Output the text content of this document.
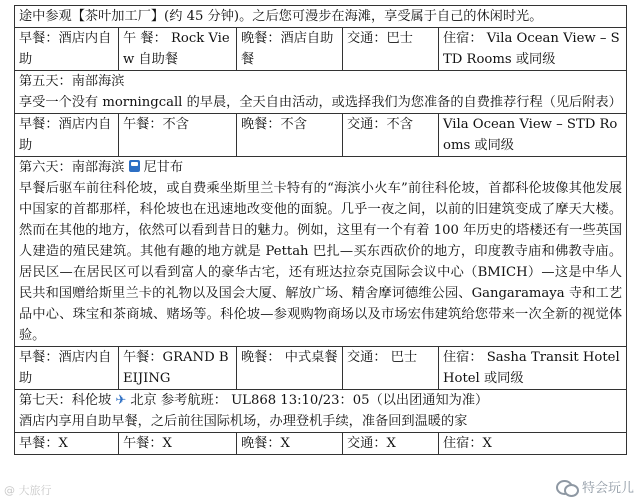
途中参观【茶叶加工厂】(约 45 分钟)。之后您可漫步在海滩，享受属于自己的休闲时光。				
早餐：酒店内自助	午 餐： Rock View 自助餐	晚餐：酒店自助餐	交通：巴士	住宿： Vila Ocean View – STD Rooms 或同级

第五天：南部海滨
享受一个没有 morningcall 的早晨，全天自由活动，或选择我们为您准备的自费推荐行程（见后附表）				

早餐：酒店内自助	午餐：不含	晚餐：不含	交通：不含	Vila Ocean View – STD Rooms 或同级

第六天：南部海滨 尼甘布

早餐后驱车前往科伦坡，或自费乘坐斯里兰卡特有的“海滨小火车”前往科伦坡，首都科伦坡像其他发展中国家的首都那样，科伦坡也在迅速地改变他的面貌。几乎一夜之间，以前的旧建筑变成了摩天大楼。然而在其他的地方，依然可以看到昔日的魅力。例如，这里有一个有着 100 年历史的塔楼还有一些英国人建造的殖民建筑。其他有趣的地方就是 Pettah 巴扎—买东西砍价的地方，印度教寺庙和佛教寺庙。居民区—在居民区可以看到富人的豪华古宅，还有班达拉奈克国际会议中心（BMICH）—这是中华人民共和国赠给斯里兰卡的礼物以及国会大厦、解放广场、精舍摩诃德维公园、Gangaramaya 寺和工艺品中心、珠宝和茶商城、赌场等。科伦坡—参观购物商场以及市场宏伟建筑给您带来一次全新的视觉体验。				

早餐：酒店内自助	午餐：GRAND BEIJING	晚餐： 中式桌餐	交通： 巴士	住宿： Sasha Transit Hotel Hotel 或同级

第七天：科伦坡 ✈ 北京 参考航班： UL868 13:10/23：05（以出团通知为准）
酒店内享用自助早餐，之后前往国际机场，办理登机手续，准备回到温暖的家				

早餐：X	午餐：X	晚餐：X	交通：X	住宿：X
特会玩儿
@ 大旅行
